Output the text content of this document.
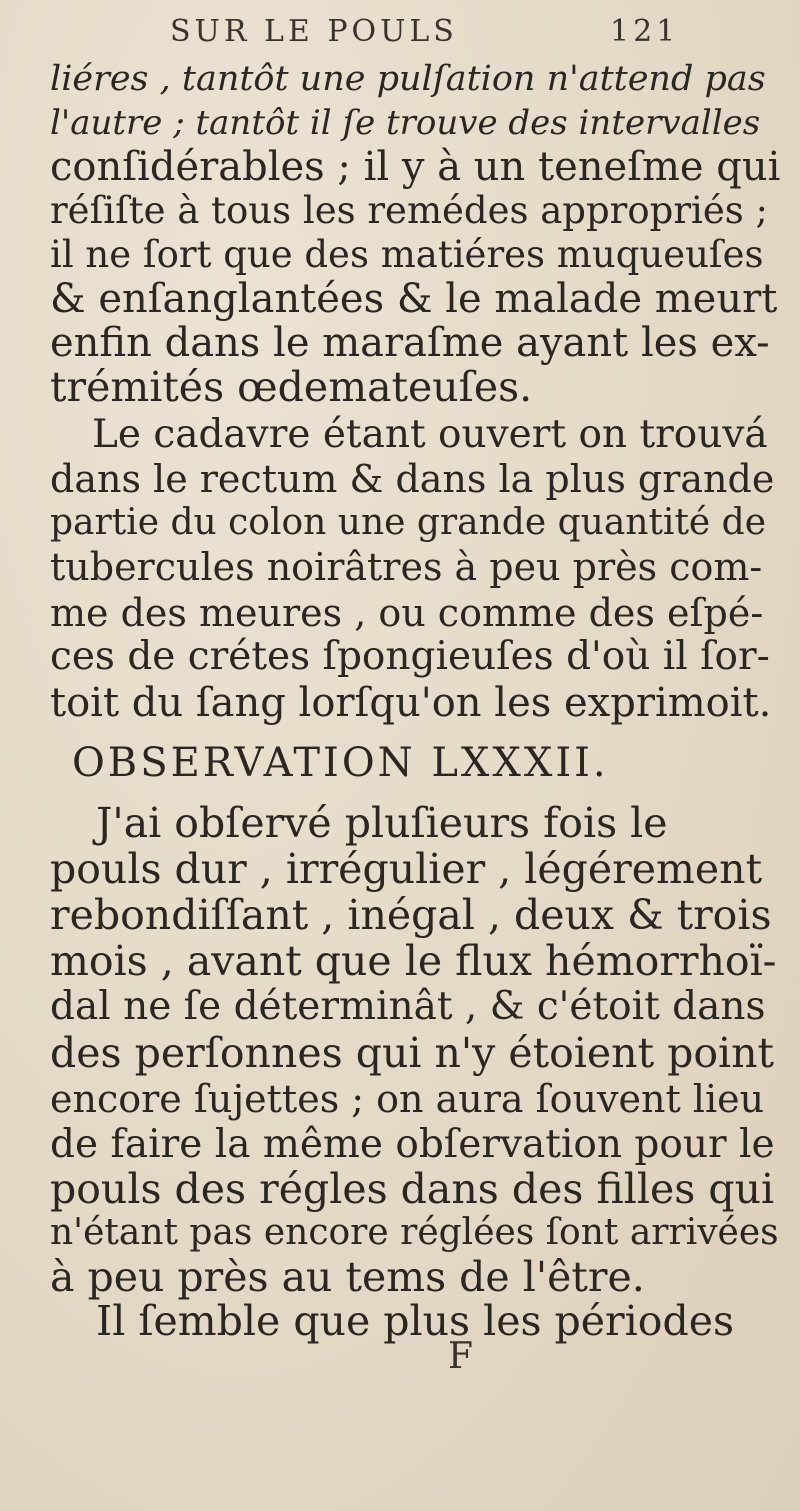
SUR LE POULS	121
liéres , tantôt une pulſation n'attend pas
l'autre ; tantôt il ſe trouve des intervalles
conſidérables ; il y à un teneſme qui
réſiſte à tous les remédes appropriés ;
il ne ſort que des matiéres muqueuſes
& enſanglantées & le malade meurt
enfin dans le maraſme ayant les ex-
trémités œdemateuſes.
Le cadavre étant ouvert on trouvá
dans le rectum & dans la plus grande
partie du colon une grande quantité de
tubercules noirâtres à peu près com-
me des meures , ou comme des eſpé-
ces de crétes ſpongieuſes d'où il ſor-
toit du ſang lorſqu'on les exprimoit.
OBSERVATION LXXXII.
J'ai obſervé pluſieurs fois le
pouls dur , irrégulier , légérement
rebondiſſant , inégal , deux & trois
mois , avant que le flux hémorrhoï-
dal ne ſe déterminât , & c'étoit dans
des perſonnes qui n'y étoient point
encore ſujettes ; on aura ſouvent lieu
de faire la même obſervation pour le
pouls des régles dans des filles qui
n'étant pas encore réglées ſont arrivées
à peu près au tems de l'être.
Il ſemble que plus les périodes
F
